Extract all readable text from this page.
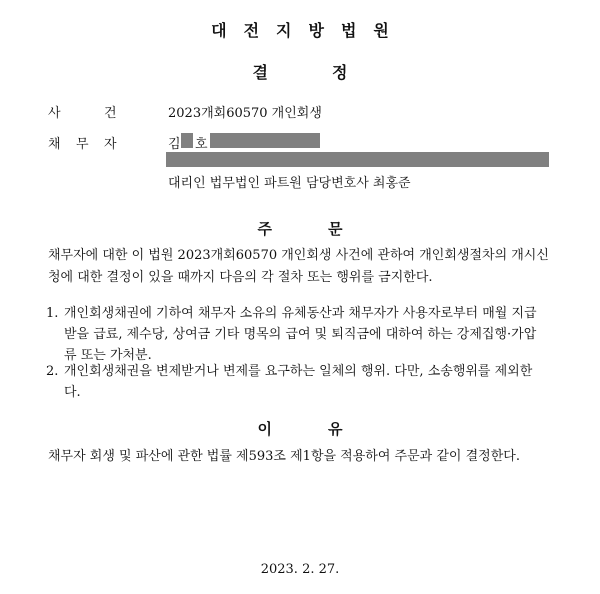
대전지방법원
결	정
사	건	2023개회60570 개인회생
채 무 자	김 호
대리인 법무법인 파트원 담당변호사 최홍준
주	문
채무자에 대한 이 법원 2023개회60570 개인회생 사건에 관하여 개인회생절차의 개시신청에 대한 결정이 있을 때까지 다음의 각 절차 또는 행위를 금지한다.
1. 개인회생채권에 기하여 채무자 소유의 유체동산과 채무자가 사용자로부터 매월 지급받을 급료, 제수당, 상여금 기타 명목의 급여 및 퇴직금에 대하여 하는 강제집행·가압류 또는 가처분.
2. 개인회생채권을 변제받거나 변제를 요구하는 일체의 행위. 다만, 소송행위를 제외한다.
이	유
채무자 회생 및 파산에 관한 법률 제593조 제1항을 적용하여 주문과 같이 결정한다.
2023. 2. 27.
